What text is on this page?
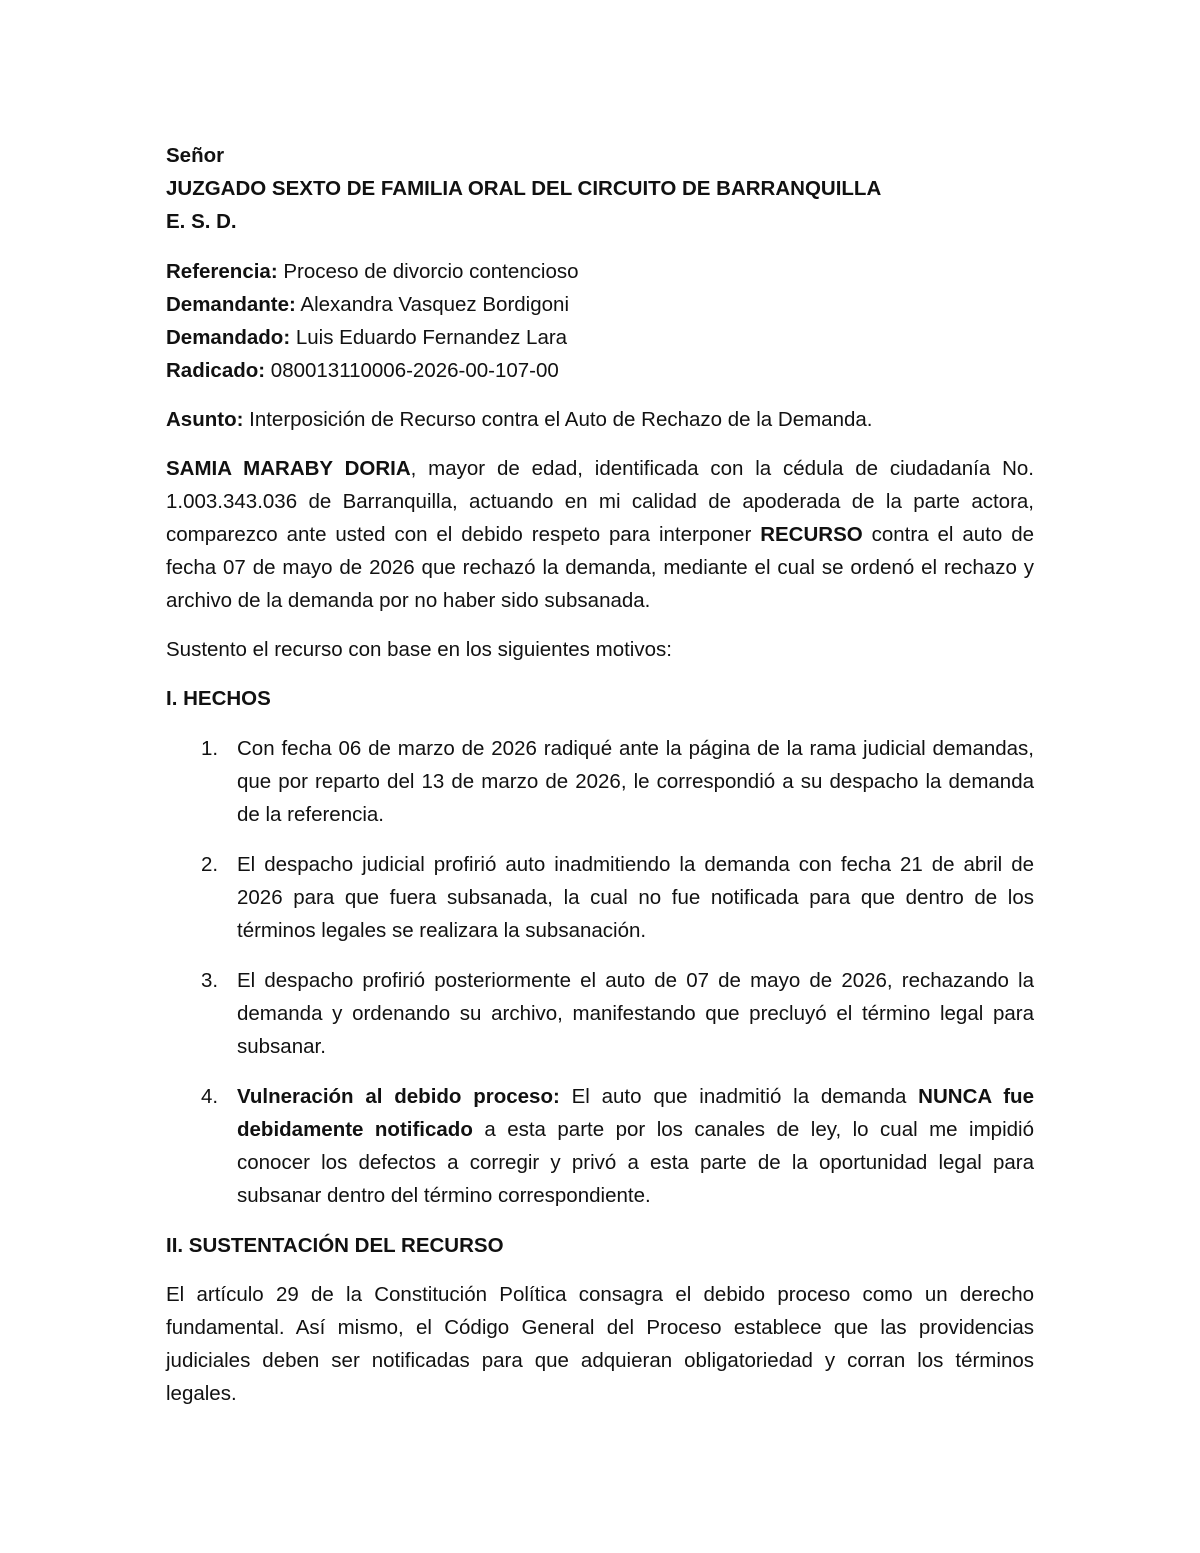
Señor
JUZGADO SEXTO DE FAMILIA ORAL DEL CIRCUITO DE BARRANQUILLA
E. S. D.
Referencia: Proceso de divorcio contencioso
Demandante: Alexandra Vasquez Bordigoni
Demandado: Luis Eduardo Fernandez Lara
Radicado: 080013110006-2026-00-107-00
Asunto: Interposición de Recurso contra el Auto de Rechazo de la Demanda.
SAMIA MARABY DORIA, mayor de edad, identificada con la cédula de ciudadanía No. 1.003.343.036 de Barranquilla, actuando en mi calidad de apoderada de la parte actora, comparezco ante usted con el debido respeto para interponer RECURSO contra el auto de fecha 07 de mayo de 2026 que rechazó la demanda, mediante el cual se ordenó el rechazo y archivo de la demanda por no haber sido subsanada.
Sustento el recurso con base en los siguientes motivos:
I. HECHOS
1. Con fecha 06 de marzo de 2026 radiqué ante la página de la rama judicial demandas, que por reparto del 13 de marzo de 2026, le correspondió a su despacho la demanda de la referencia.
2. El despacho judicial profirió auto inadmitiendo la demanda con fecha 21 de abril de 2026 para que fuera subsanada, la cual no fue notificada para que dentro de los términos legales se realizara la subsanación.
3. El despacho profirió posteriormente el auto de 07 de mayo de 2026, rechazando la demanda y ordenando su archivo, manifestando que precluyó el término legal para subsanar.
4. Vulneración al debido proceso: El auto que inadmitió la demanda NUNCA fue debidamente notificado a esta parte por los canales de ley, lo cual me impidió conocer los defectos a corregir y privó a esta parte de la oportunidad legal para subsanar dentro del término correspondiente.
II. SUSTENTACIÓN DEL RECURSO
El artículo 29 de la Constitución Política consagra el debido proceso como un derecho fundamental. Así mismo, el Código General del Proceso establece que las providencias judiciales deben ser notificadas para que adquieran obligatoriedad y corran los términos legales.
